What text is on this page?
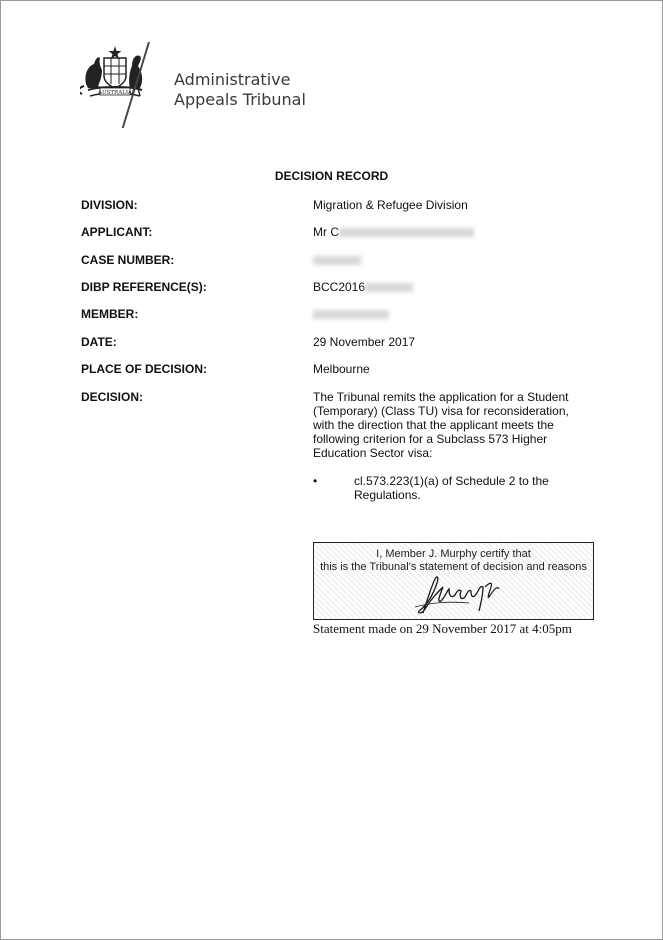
AUSTRALIA
Administrative
Appeals Tribunal
DECISION RECORD
DIVISION:	Migration & Refugee Division
APPLICANT:	Mr C
CASE NUMBER:
DIBP REFERENCE(S):	BCC2016
MEMBER:
DATE:	29 November 2017
PLACE OF DECISION:	Melbourne
DECISION:	The Tribunal remits the application for a Student (Temporary) (Class TU) visa for reconsideration, with the direction that the applicant meets the following criterion for a Subclass 573 Higher Education Sector visa:
•	cl.573.223(1)(a) of Schedule 2 to the Regulations.
I, Member J. Murphy certify that
this is the Tribunal's statement of decision and reasons
Statement made on 29 November 2017 at 4:05pm
